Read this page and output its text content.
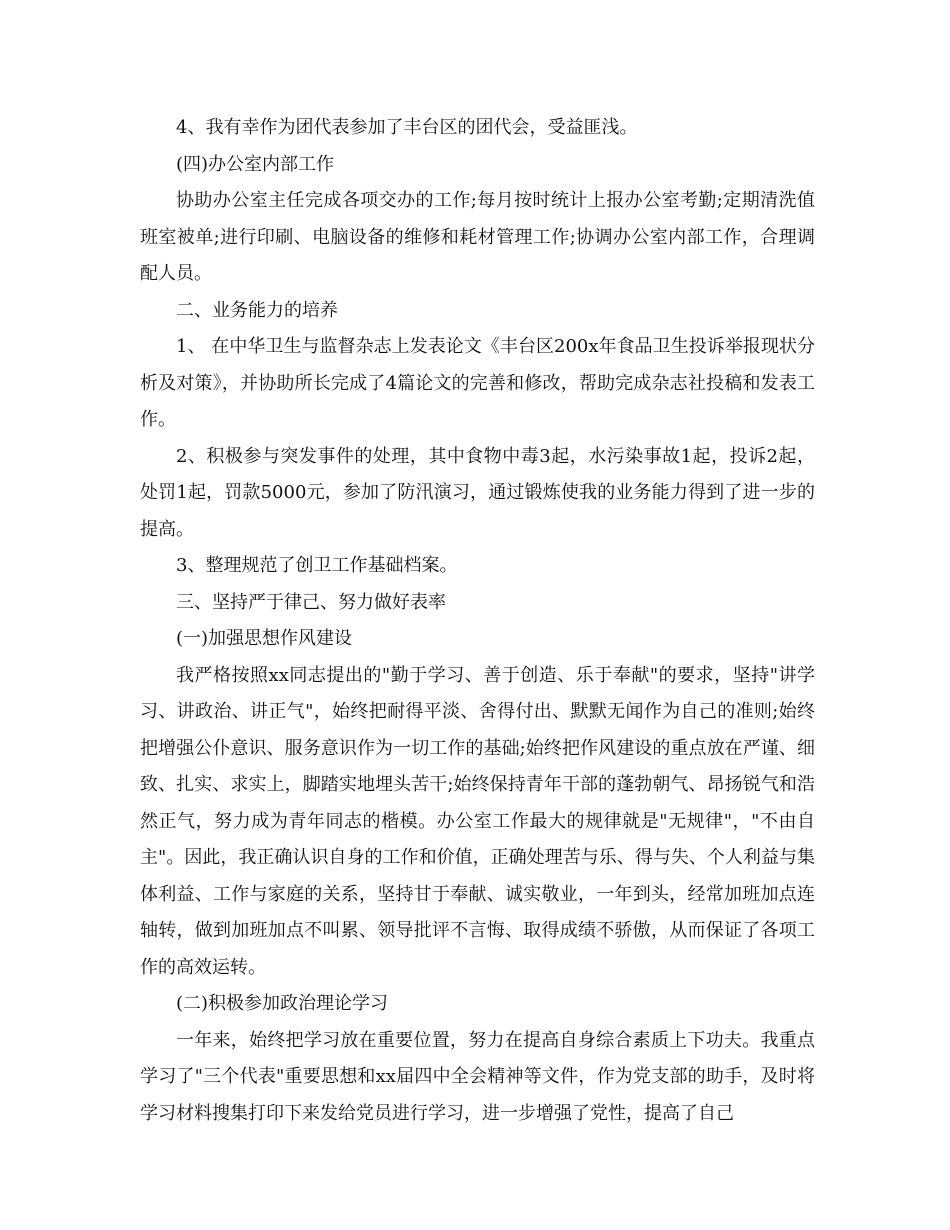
4、我有幸作为团代表参加了丰台区的团代会，受益匪浅。

(四)办公室内部工作

协助办公室主任完成各项交办的工作;每月按时统计上报办公室考勤;定期清洗值班室被单;进行印刷、电脑设备的维修和耗材管理工作;协调办公室内部工作，合理调配人员。

二、业务能力的培养

1、 在中华卫生与监督杂志上发表论文《丰台区200x年食品卫生投诉举报现状分析及对策》，并协助所长完成了4篇论文的完善和修改，帮助完成杂志社投稿和发表工作。

2、积极参与突发事件的处理，其中食物中毒3起，水污染事故1起，投诉2起，处罚1起，罚款5000元，参加了防汛演习，通过锻炼使我的业务能力得到了进一步的提高。

3、整理规范了创卫工作基础档案。

三、坚持严于律己、努力做好表率

(一)加强思想作风建设

我严格按照xx同志提出的"勤于学习、善于创造、乐于奉献"的要求，坚持"讲学习、讲政治、讲正气"，始终把耐得平淡、舍得付出、默默无闻作为自己的准则;始终把增强公仆意识、服务意识作为一切工作的基础;始终把作风建设的重点放在严谨、细致、扎实、求实上，脚踏实地埋头苦干;始终保持青年干部的蓬勃朝气、昂扬锐气和浩然正气，努力成为青年同志的楷模。办公室工作最大的规律就是"无规律"，"不由自主"。因此，我正确认识自身的工作和价值，正确处理苦与乐、得与失、个人利益与集体利益、工作与家庭的关系，坚持甘于奉献、诚实敬业，一年到头，经常加班加点连轴转，做到加班加点不叫累、领导批评不言悔、取得成绩不骄傲，从而保证了各项工作的高效运转。

(二)积极参加政治理论学习

一年来，始终把学习放在重要位置，努力在提高自身综合素质上下功夫。我重点学习了"三个代表"重要思想和xx届四中全会精神等文件，作为党支部的助手，及时将学习材料搜集打印下来发给党员进行学习，进一步增强了党性，提高了自己
